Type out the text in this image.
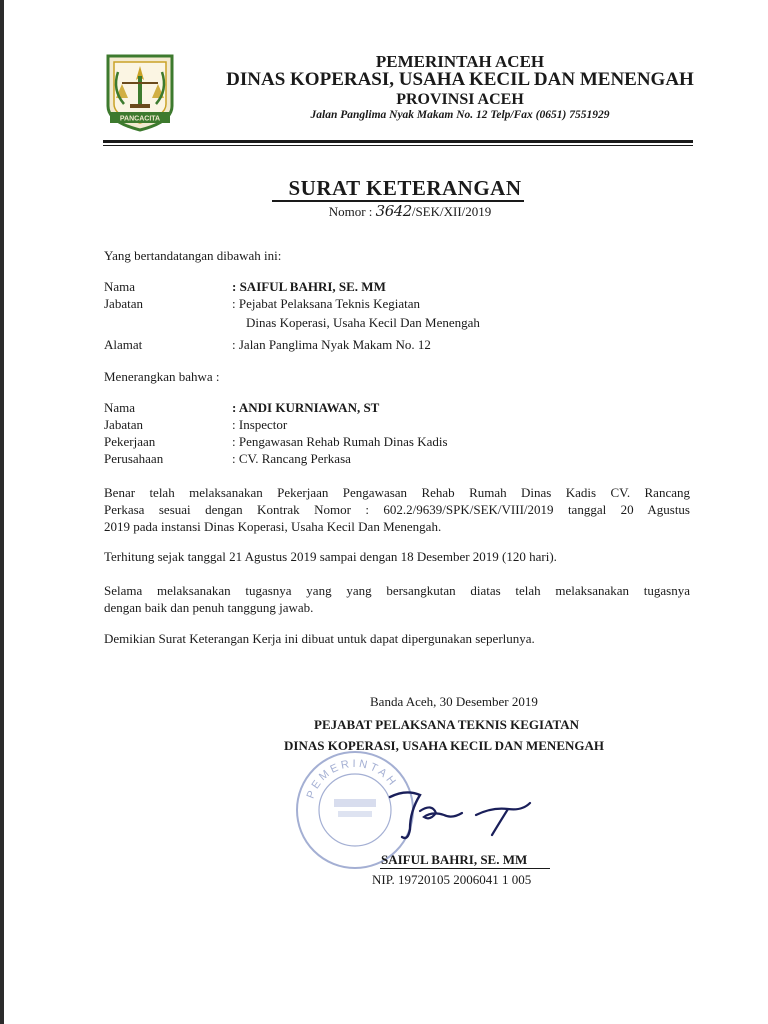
PANCACITA
PEMERINTAH ACEH
DINAS KOPERASI, USAHA KECIL DAN MENENGAH
PROVINSI ACEH
Jalan Panglima Nyak Makam No. 12 Telp/Fax (0651) 7551929
SURAT KETERANGAN
Nomor : 3642/SEK/XII/2019
Yang bertandatangan dibawah ini:
Nama	: SAIFUL BAHRI, SE. MM
Jabatan	: Pejabat Pelaksana Teknis Kegiatan
Dinas Koperasi, Usaha Kecil Dan Menengah
Alamat	: Jalan Panglima Nyak Makam No. 12
Menerangkan bahwa :
Nama	: ANDI KURNIAWAN, ST
Jabatan	: Inspector
Pekerjaan	: Pengawasan Rehab Rumah Dinas Kadis
Perusahaan	: CV. Rancang Perkasa
Benar telah melaksanakan Pekerjaan Pengawasan Rehab Rumah Dinas Kadis CV. Rancang
Perkasa sesuai dengan Kontrak Nomor : 602.2/9639/SPK/SEK/VIII/2019 tanggal 20 Agustus
2019 pada instansi Dinas Koperasi, Usaha Kecil Dan Menengah.
Terhitung sejak tanggal 21 Agustus 2019 sampai dengan 18 Desember 2019 (120 hari).
Selama melaksanakan tugasnya yang yang bersangkutan diatas telah melaksanakan tugasnya
dengan baik dan penuh tanggung jawab.
Demikian Surat Keterangan Kerja ini dibuat untuk dapat dipergunakan seperlunya.
Banda Aceh, 30 Desember 2019
PEJABAT PELAKSANA TEKNIS KEGIATAN
DINAS KOPERASI, USAHA KECIL DAN MENENGAH
PEMERINTAH
SAIFUL BAHRI, SE. MM
NIP. 19720105 2006041 1 005
